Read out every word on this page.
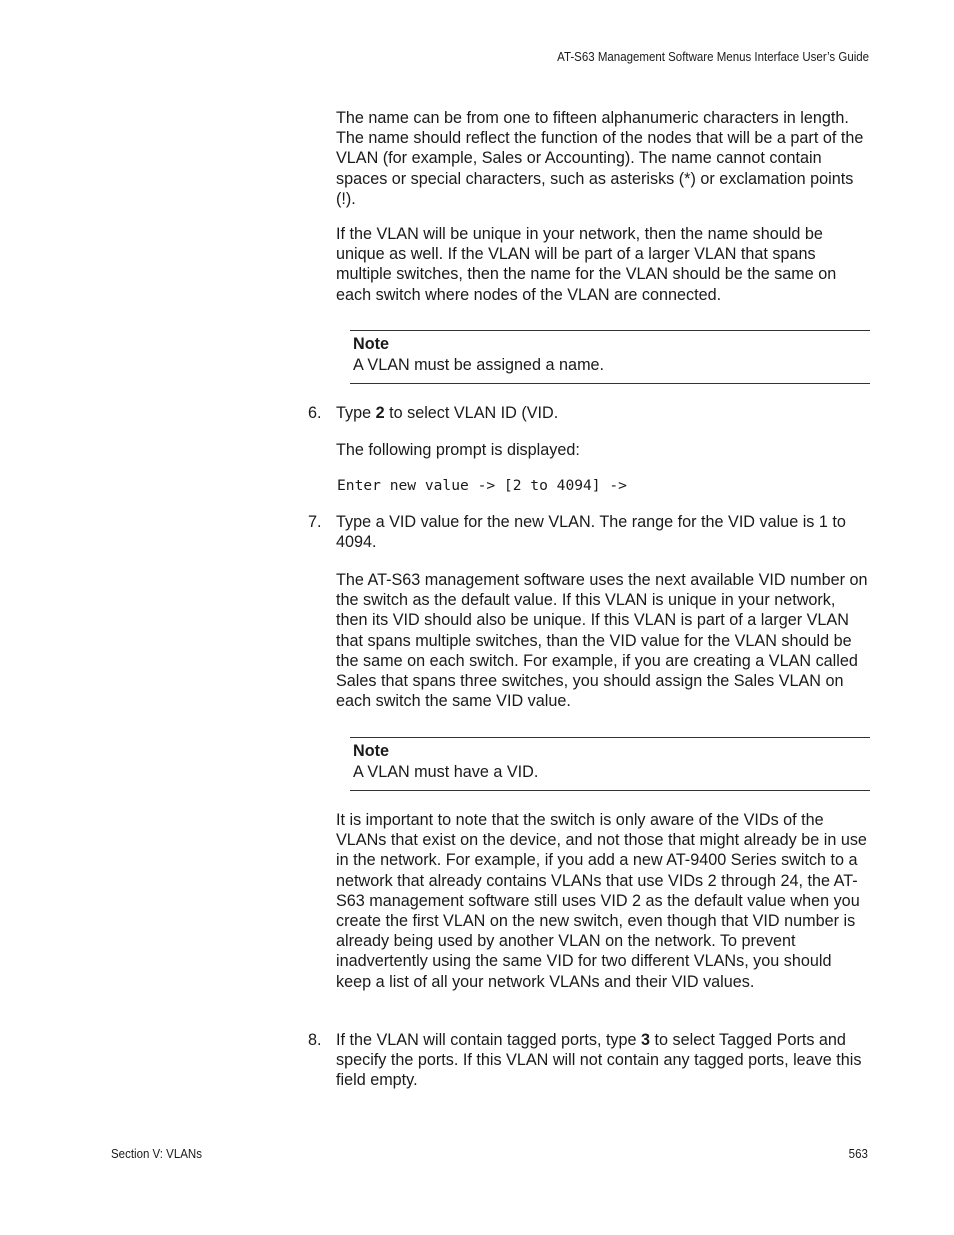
AT-S63 Management Software Menus Interface User’s Guide
The name can be from one to fifteen alphanumeric characters in length. The name should reflect the function of the nodes that will be a part of the VLAN (for example, Sales or Accounting). The name cannot contain spaces or special characters, such as asterisks (*) or exclamation points (!).
If the VLAN will be unique in your network, then the name should be unique as well. If the VLAN will be part of a larger VLAN that spans multiple switches, then the name for the VLAN should be the same on each switch where nodes of the VLAN are connected.
Note
A VLAN must be assigned a name.
6. Type 2 to select VLAN ID (VID.
The following prompt is displayed:
Enter new value -> [2 to 4094] ->
7. Type a VID value for the new VLAN. The range for the VID value is 1 to 4094.
The AT-S63 management software uses the next available VID number on the switch as the default value. If this VLAN is unique in your network, then its VID should also be unique. If this VLAN is part of a larger VLAN that spans multiple switches, than the VID value for the VLAN should be the same on each switch. For example, if you are creating a VLAN called Sales that spans three switches, you should assign the Sales VLAN on each switch the same VID value.
Note
A VLAN must have a VID.
It is important to note that the switch is only aware of the VIDs of the VLANs that exist on the device, and not those that might already be in use in the network. For example, if you add a new AT-9400 Series switch to a network that already contains VLANs that use VIDs 2 through 24, the AT-S63 management software still uses VID 2 as the default value when you create the first VLAN on the new switch, even though that VID number is already being used by another VLAN on the network. To prevent inadvertently using the same VID for two different VLANs, you should keep a list of all your network VLANs and their VID values.
8. If the VLAN will contain tagged ports, type 3 to select Tagged Ports and specify the ports. If this VLAN will not contain any tagged ports, leave this field empty.
Section V: VLANs	563
